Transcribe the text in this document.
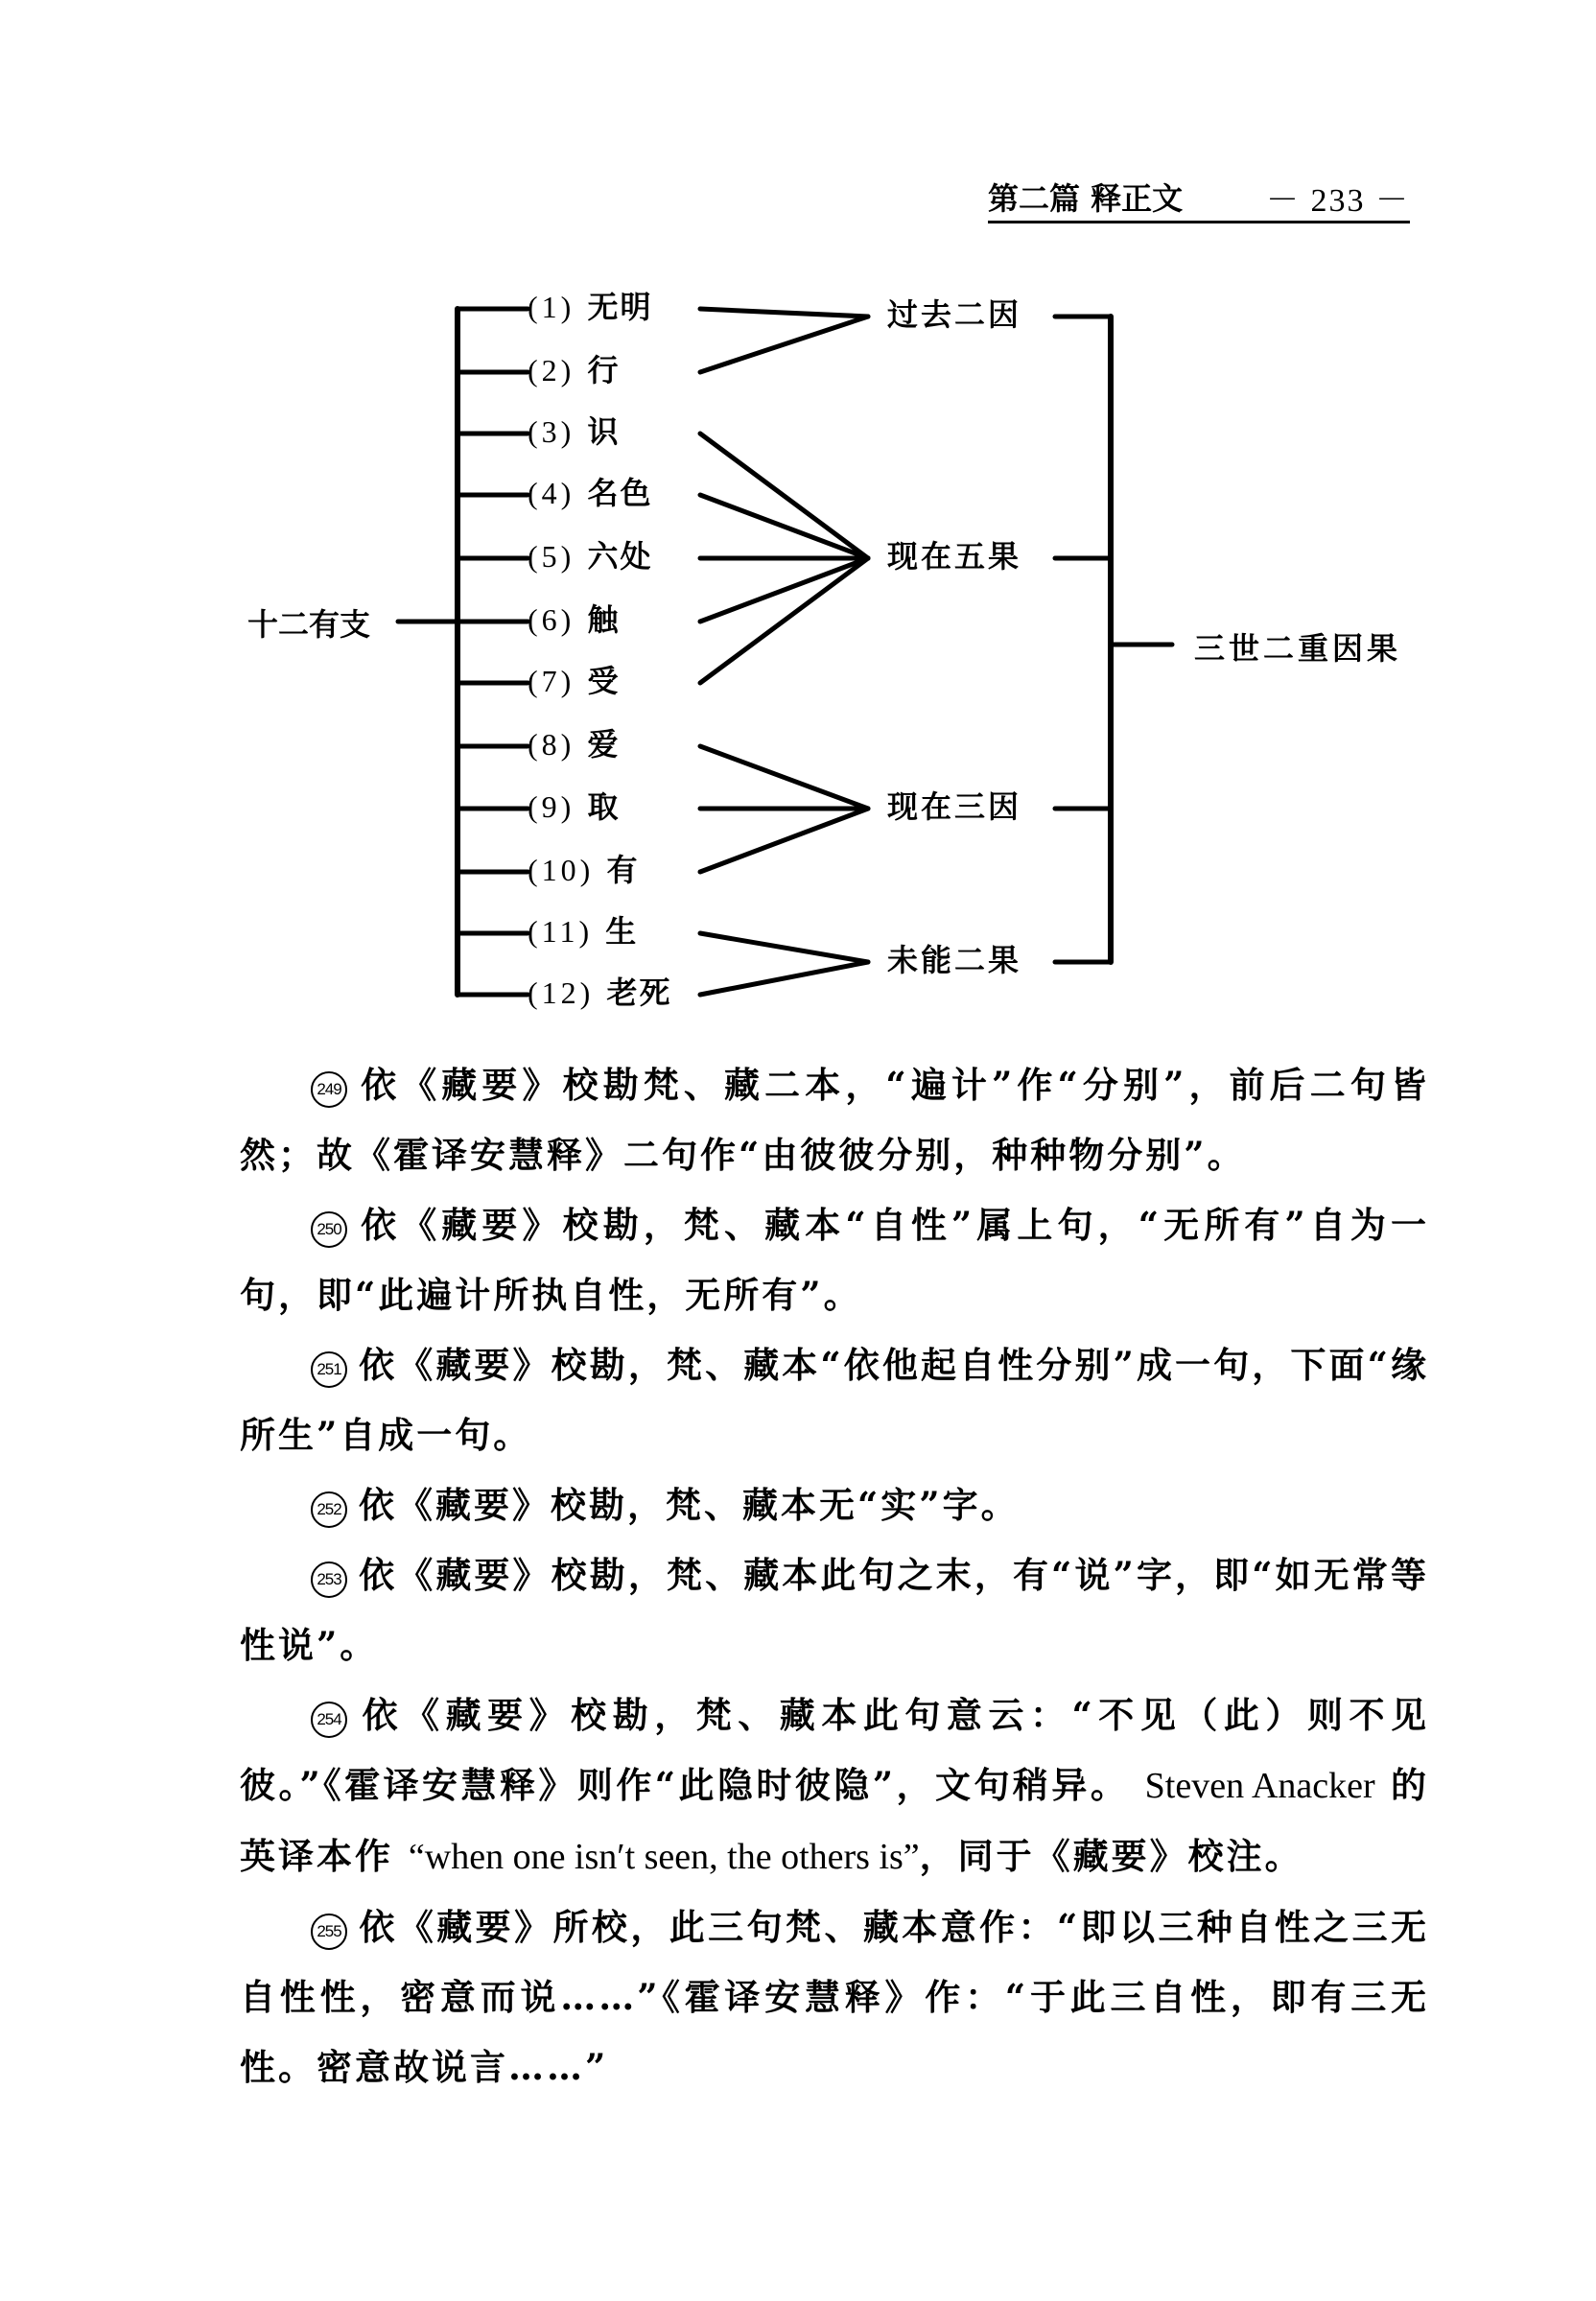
第二篇 释正文	－ 233 －
十二有支
(1) 无明
(2) 行
(3) 识
(4) 名色
(5) 六处
(6) 触
(7) 受
(8) 爱
(9) 取
(10) 有
(11) 生
(12) 老死
过去二因
现在五果
现在三因
未能二果
三世二重因果

249 依《藏要》校勘梵、藏二本，“遍计”作“分别”，前后二句皆然；故《霍译安慧释》二句作“由彼彼分别，种种物分别”。

250 依《藏要》校勘，梵、藏本“自性”属上句，“无所有”自为一句，即“此遍计所执自性，无所有”。

251 依《藏要》校勘，梵、藏本“依他起自性分别”成一句，下面“缘所生”自成一句。

252 依《藏要》校勘，梵、藏本无“实”字。

253 依《藏要》校勘，梵、藏本此句之末，有“说”字，即“如无常等性说”。

254 依《藏要》校勘，梵、藏本此句意云：“不见（此）则不见彼。”《霍译安慧释》则作“此隐时彼隐”，文句稍异。 Steven Anacker 的英译本作 “when one isn′t seen, the others is”，同于《藏要》校注。

255 依《藏要》所校，此三句梵、藏本意作：“即以三种自性之三无自性性，密意而说……”《霍译安慧释》作：“于此三自性，即有三无性。密意故说言……”
